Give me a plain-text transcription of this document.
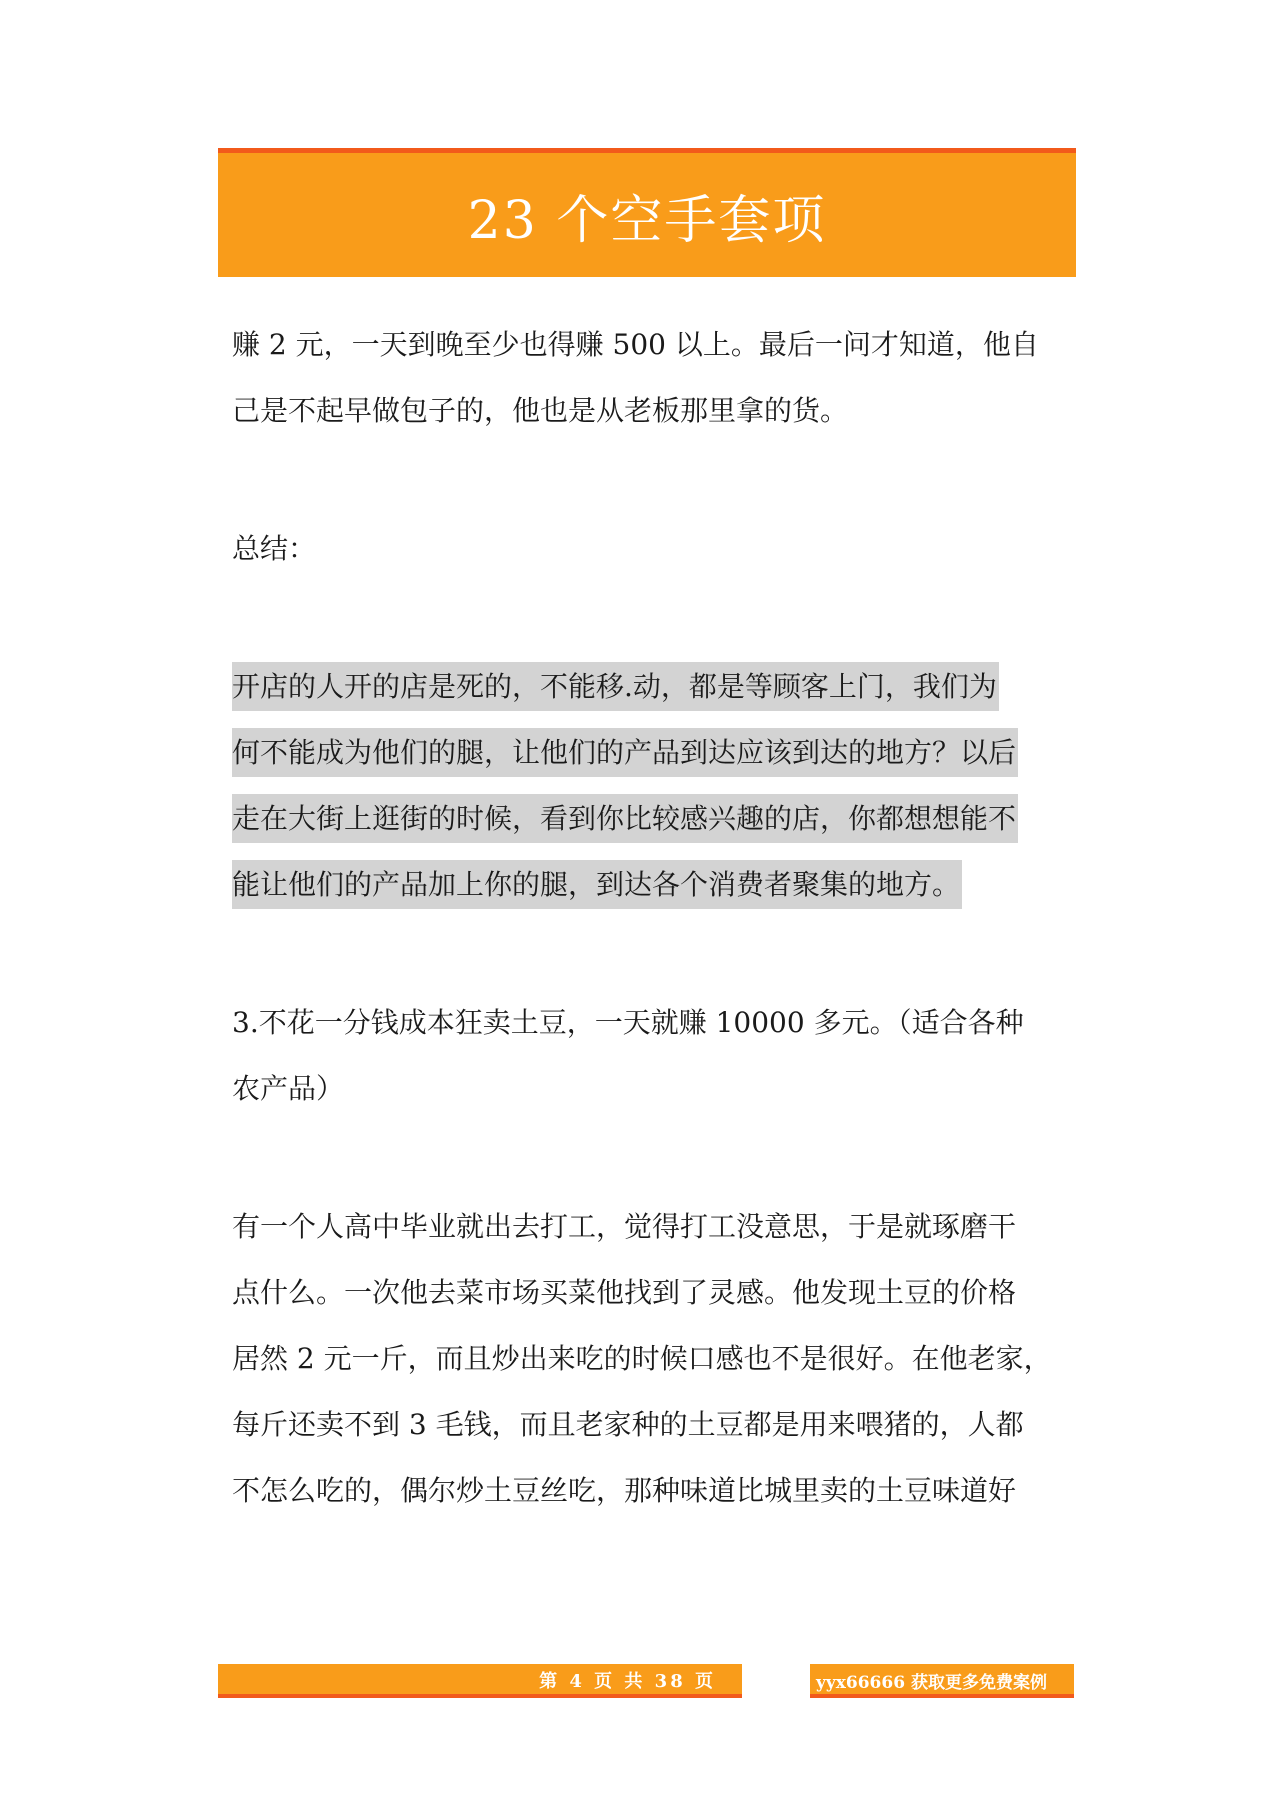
23 个空手套项
赚 2 元，一天到晚至少也得赚 500 以上。最后一问才知道，他自
己是不起早做包子的，他也是从老板那里拿的货。
总结：
开店的人开的店是死的，不能移.动，都是等顾客上门，我们为
何不能成为他们的腿，让他们的产品到达应该到达的地方？以后
走在大街上逛街的时候，看到你比较感兴趣的店，你都想想能不
能让他们的产品加上你的腿，到达各个消费者聚集的地方。
3.不花一分钱成本狂卖土豆，一天就赚 10000 多元。（适合各种
农产品）
有一个人高中毕业就出去打工，觉得打工没意思，于是就琢磨干
点什么。一次他去菜市场买菜他找到了灵感。他发现土豆的价格
居然 2 元一斤，而且炒出来吃的时候口感也不是很好。在他老家，
每斤还卖不到 3 毛钱，而且老家种的土豆都是用来喂猪的，人都
不怎么吃的，偶尔炒土豆丝吃，那种味道比城里卖的土豆味道好
第 4 页 共 38 页	yyx66666 获取更多免费案例
